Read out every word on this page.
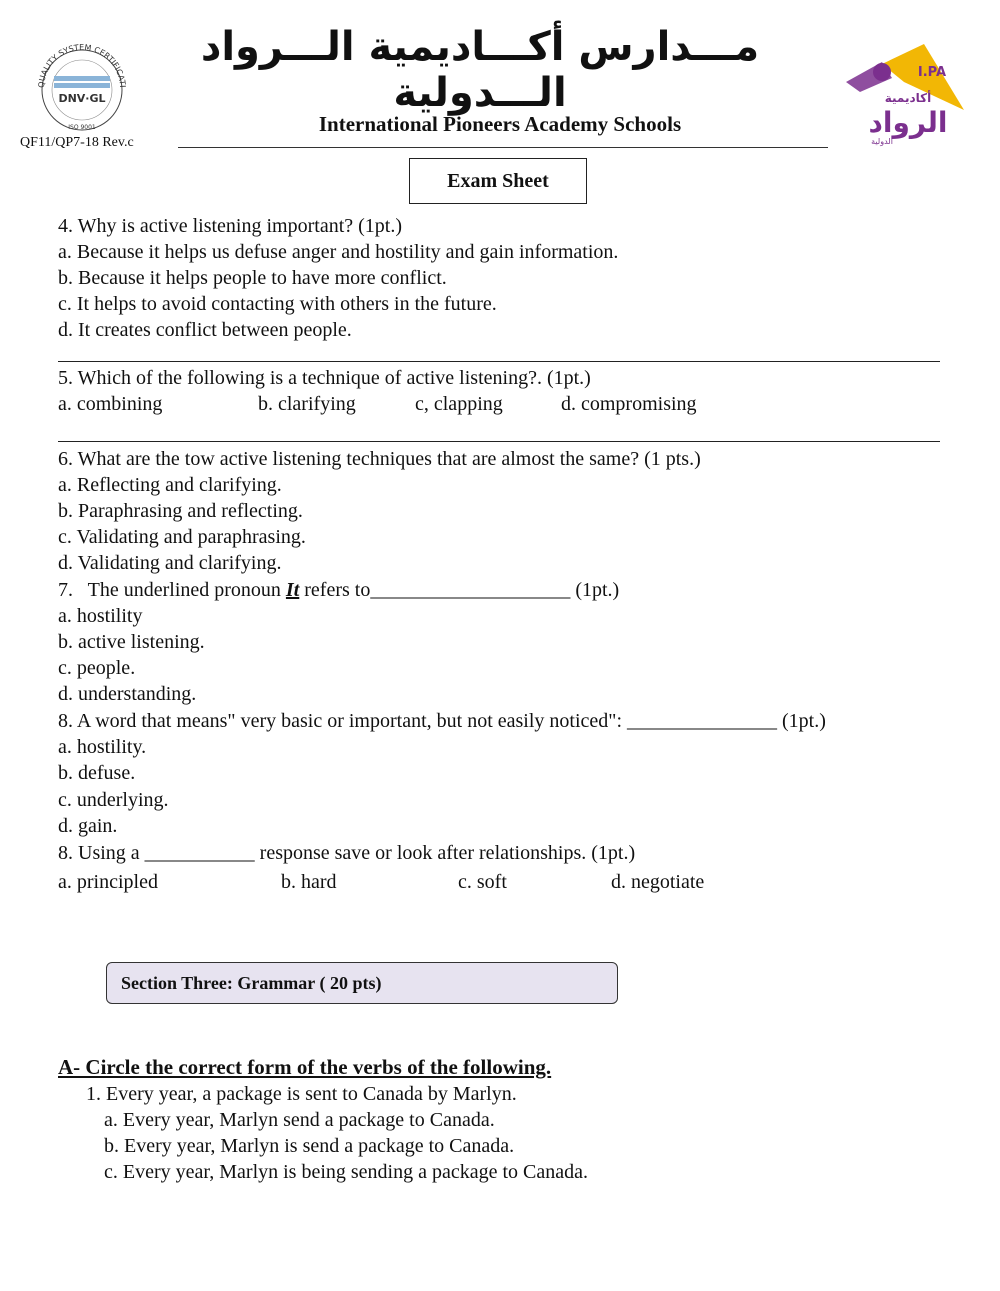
QUALITY SYSTEM CERTIFICATI
DNV·GL
ISO 9001
QF11/QP7-18 Rev.c
مـــدارس أكـــاديمية الـــرواد الـــدولية
International Pioneers Academy Schools
I.PA
أكاديمية
الرواد
الدولية
Exam Sheet
4. Why is active listening important? (1pt.)
a. Because it helps us defuse anger and hostility and gain information.
b. Because it helps people to have more conflict.
c. It helps to avoid contacting with others in the future.
d. It creates conflict between people.
5. Which of the following is a technique of active listening?. (1pt.)
a. combining	b. clarifying	c, clapping	d. compromising
6. What are the tow active listening techniques that are almost the same? (1 pts.)
a. Reflecting and clarifying.
b. Paraphrasing and reflecting.
c. Validating and paraphrasing.
d. Validating and clarifying.
7.   The underlined pronoun It refers to____________________ (1pt.)
a. hostility
b. active listening.
c. people.
d. understanding.
8. A word that means" very basic or important, but not easily noticed": _______________ (1pt.)
a. hostility.
b. defuse.
c. underlying.
d. gain.
8. Using a ___________ response save or look after relationships. (1pt.)
a. principled	b. hard	c. soft	d. negotiate
Section Three: Grammar ( 20 pts)
A- Circle the correct form of the verbs of the following.
1. Every year, a package is sent to Canada by Marlyn.
a. Every year, Marlyn send a package to Canada.
b. Every year, Marlyn is send a package to Canada.
c. Every year, Marlyn is being sending a package to Canada.
